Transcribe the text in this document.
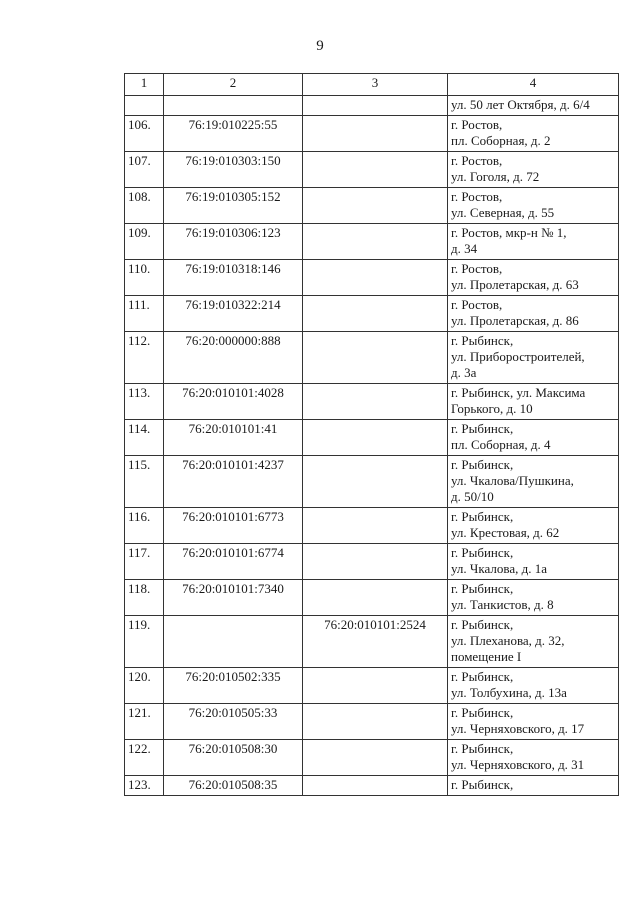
9
1	2	3	4

			ул. 50 лет Октября, д. 6/4

106.	76:19:010225:55		г. Ростов,
пл. Соборная, д. 2

107.	76:19:010303:150		г. Ростов,
ул. Гоголя, д. 72

108.	76:19:010305:152		г. Ростов,
ул. Северная, д. 55

109.	76:19:010306:123		г. Ростов, мкр-н № 1,
д. 34

110.	76:19:010318:146		г. Ростов,
ул. Пролетарская, д. 63

111.	76:19:010322:214		г. Ростов,
ул. Пролетарская, д. 86

112.	76:20:000000:888		г. Рыбинск,
ул. Приборостроителей,
д. 3а

113.	76:20:010101:4028		г. Рыбинск, ул. Максима
Горького, д. 10

114.	76:20:010101:41		г. Рыбинск,
пл. Соборная, д. 4

115.	76:20:010101:4237		г. Рыбинск,
ул. Чкалова/Пушкина,
д. 50/10

116.	76:20:010101:6773		г. Рыбинск,
ул. Крестовая, д. 62

117.	76:20:010101:6774		г. Рыбинск,
ул. Чкалова, д. 1а

118.	76:20:010101:7340		г. Рыбинск,
ул. Танкистов, д. 8

119.		76:20:010101:2524	г. Рыбинск,
ул. Плеханова, д. 32,
помещение I

120.	76:20:010502:335		г. Рыбинск,
ул. Толбухина, д. 13а

121.	76:20:010505:33		г. Рыбинск,
ул. Черняховского, д. 17

122.	76:20:010508:30		г. Рыбинск,
ул. Черняховского, д. 31

123.	76:20:010508:35		г. Рыбинск,
